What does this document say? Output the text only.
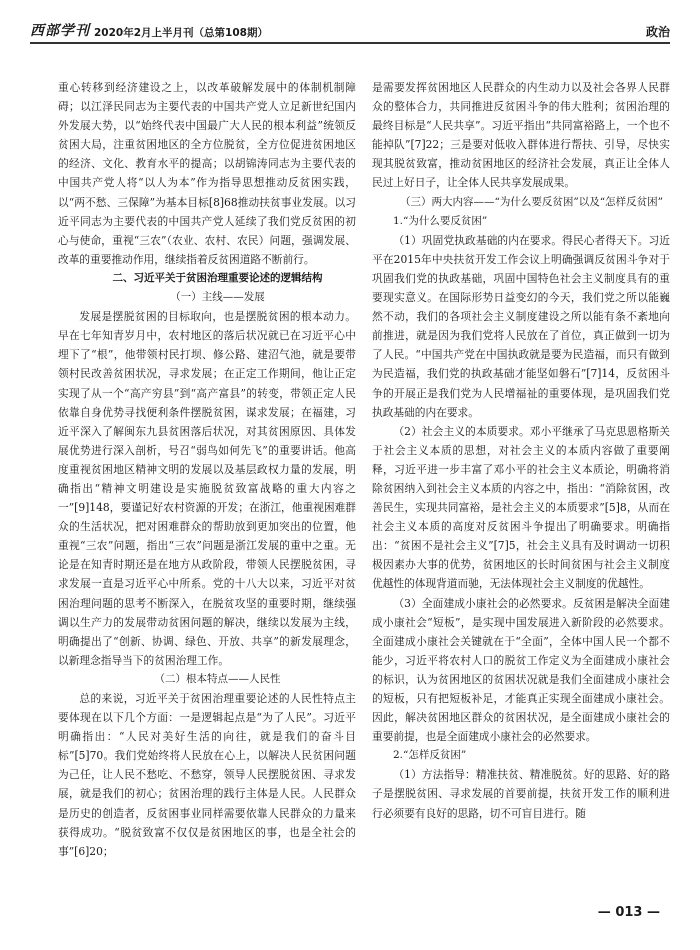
西部学刊 2020年2月上半月刊（总第108期）	政治

重心转移到经济建设之上，以改革破解发展中的体制机制障碍；以江泽民同志为主要代表的中国共产党人立足新世纪国内外发展大势，以“始终代表中国最广大人民的根本利益”统领反贫困大局，注重贫困地区的全方位脱贫，全方位促进贫困地区的经济、文化、教育水平的提高；以胡锦涛同志为主要代表的中国共产党人将“以人为本”作为指导思想推动反贫困实践，以“两不愁、三保障”为基本目标[8]68推动扶贫事业发展。以习近平同志为主要代表的中国共产党人延续了我们党反贫困的初心与使命，重视“三农”（农业、农村、农民）问题，强调发展、改革的重要推动作用，继续指着反贫困道路不断前行。

二、习近平关于贫困治理重要论述的逻辑结构

（一）主线——发展

发展是摆脱贫困的目标取向，也是摆脱贫困的根本动力。早在七年知青岁月中，农村地区的落后状况就已在习近平心中埋下了“根”，他带领村民打坝、修公路、建沼气池，就是要带领村民改善贫困状况，寻求发展；在正定工作期间，他让正定实现了从一个“高产穷县”到“高产富县”的转变，带领正定人民依靠自身优势寻找便利条件摆脱贫困，谋求发展；在福建，习近平深入了解闽东九县贫困落后状况，对其贫困原因、具体发展优势进行深入剖析，号召“弱鸟如何先飞”的重要讲话。他高度重视贫困地区精神文明的发展以及基层政权力量的发展，明确指出“精神文明建设是实施脱贫致富战略的重大内容之一”[9]148，要谨记好农村资源的开发；在浙江，他重视困难群众的生活状况，把对困难群众的帮助放到更加突出的位置，他重视“三农”问题，指出“三农”问题是浙江发展的重中之重。无论是在知青时期还是在地方从政阶段，带领人民摆脱贫困，寻求发展一直是习近平心中所系。党的十八大以来，习近平对贫困治理问题的思考不断深入，在脱贫攻坚的重要时期，继续强调以生产力的发展带动贫困问题的解决，继续以发展为主线，明确提出了“创新、协调、绿色、开放、共享”的新发展理念，以新理念指导当下的贫困治理工作。

（二）根本特点——人民性

总的来说，习近平关于贫困治理重要论述的人民性特点主要体现在以下几个方面：一是逻辑起点是“为了人民”。习近平明确指出：“人民对美好生活的向往，就是我们的奋斗目标”[5]70。我们党始终将人民放在心上，以解决人民贫困问题为己任，让人民不愁吃、不愁穿，领导人民摆脱贫困、寻求发展，就是我们的初心；贫困治理的践行主体是人民。人民群众是历史的创造者，反贫困事业同样需要依靠人民群众的力量来获得成功。“脱贫致富不仅仅是贫困地区的事，也是全社会的事”[6]20；

是需要发挥贫困地区人民群众的内生动力以及社会各界人民群众的整体合力，共同推进反贫困斗争的伟大胜利；贫困治理的最终目标是“人民共享”。习近平指出“共同富裕路上，一个也不能掉队”[7]22；三是要对低收入群体进行帮扶、引导，尽快实现其脱贫致富，推动贫困地区的经济社会发展，真正让全体人民过上好日子，让全体人民共享发展成果。

（三）两大内容——“为什么要反贫困”以及“怎样反贫困”

1.“为什么要反贫困”

（1）巩固党执政基础的内在要求。得民心者得天下。习近平在2015年中央扶贫开发工作会议上明确强调反贫困斗争对于巩固我们党的执政基础，巩固中国特色社会主义制度具有的重要现实意义。在国际形势日益变幻的今天，我们党之所以能巍然不动，我们的各项社会主义制度建设之所以能有条不紊地向前推进，就是因为我们党将人民放在了首位，真正做到一切为了人民。“中国共产党在中国执政就是要为民造福，而只有做到为民造福，我们党的执政基础才能坚如磐石”[7]14，反贫困斗争的开展正是我们党为人民增福祉的重要体现，是巩固我们党执政基础的内在要求。

（2）社会主义的本质要求。邓小平继承了马克思恩格斯关于社会主义本质的思想，对社会主义的本质内容做了重要阐释，习近平进一步丰富了邓小平的社会主义本质论，明确将消除贫困纳入到社会主义本质的内容之中，指出：“消除贫困，改善民生，实现共同富裕，是社会主义的本质要求”[5]8，从而在社会主义本质的高度对反贫困斗争提出了明确要求。明确指出：“贫困不是社会主义”[7]5，社会主义具有及时调动一切积极因素办大事的优势，贫困地区的长时间贫困与社会主义制度优越性的体现背道而驰，无法体现社会主义制度的优越性。

（3）全面建成小康社会的必然要求。反贫困是解决全面建成小康社会“短板”，是实现中国发展进入新阶段的必然要求。全面建成小康社会关键就在于“全面”，全体中国人民一个都不能少，习近平将农村人口的脱贫工作定义为全面建成小康社会的标识，认为贫困地区的贫困状况就是我们全面建成小康社会的短板，只有把短板补足，才能真正实现全面建成小康社会。因此，解决贫困地区群众的贫困状况，是全面建成小康社会的重要前提，也是全面建成小康社会的必然要求。

2.“怎样反贫困”

（1）方法指导：精准扶贫、精准脱贫。好的思路、好的路子是摆脱贫困、寻求发展的首要前提，扶贫开发工作的顺利进行必须要有良好的思路，切不可盲目进行。随

— 013 —
